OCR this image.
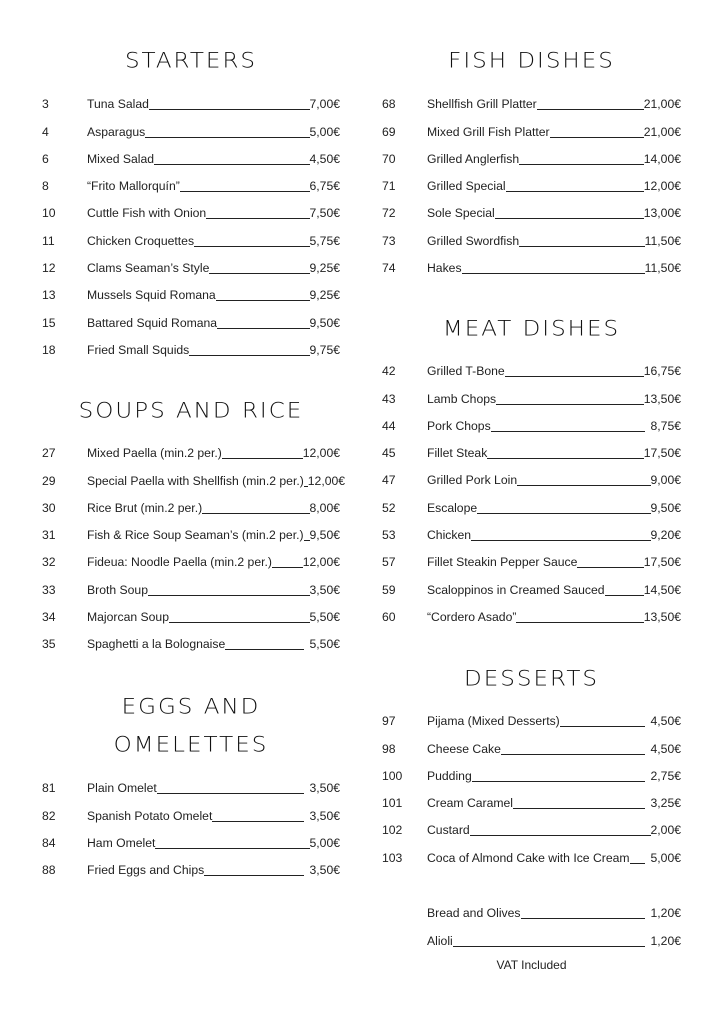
STARTERS
3	Tuna Salad	7,00€
4	Asparagus	5,00€
6	Mixed Salad	4,50€
8	“Frito Mallorquín”	6,75€
10	Cuttle Fish with Onion	7,50€
11	Chicken Croquettes	5,75€
12	Clams Seaman’s Style	9,25€
13	Mussels Squid Romana	9,25€
15	Battared Squid Romana	9,50€
18	Fried Small Squids	9,75€
SOUPS AND RICE
27	Mixed Paella (min.2 per.)	12,00€
29	Special Paella with Shellfish (min.2 per.) 12,00€
30	Rice Brut (min.2 per.)	8,00€
31	Fish & Rice Soup Seaman’s (min.2 per.) 9,50€
32	Fideua: Noodle Paella (min.2 per.)	12,00€
33	Broth Soup	3,50€
34	Majorcan Soup	5,50€
35	Spaghetti a la Bolognaise	5,50€
EGGS AND
OMELETTES
81	Plain Omelet	3,50€
82	Spanish Potato Omelet	3,50€
84	Ham Omelet	5,00€
88	Fried Eggs and Chips	3,50€
FISH DISHES
68	Shellfish Grill Platter	21,00€
69	Mixed Grill Fish Platter	21,00€
70	Grilled Anglerfish	14,00€
71	Grilled Special	12,00€
72	Sole Special	13,00€
73	Grilled Swordfish	11,50€
74	Hakes	11,50€
MEAT DISHES
42	Grilled T-Bone	16,75€
43	Lamb Chops	13,50€
44	Pork Chops	8,75€
45	Fillet Steak	17,50€
47	Grilled Pork Loin	9,00€
52	Escalope	9,50€
53	Chicken	9,20€
57	Fillet Steakin Pepper Sauce	17,50€
59	Scaloppinos in Creamed Sauced	14,50€
60	“Cordero Asado”	13,50€
DESSERTS
97	Pijama (Mixed Desserts)	4,50€
98	Cheese Cake	4,50€
100	Pudding	2,75€
101	Cream Caramel	3,25€
102	Custard	2,00€
103	Coca of Almond Cake with Ice Cream 5,00€
Bread and Olives	1,20€
Alioli	1,20€
VAT Included
